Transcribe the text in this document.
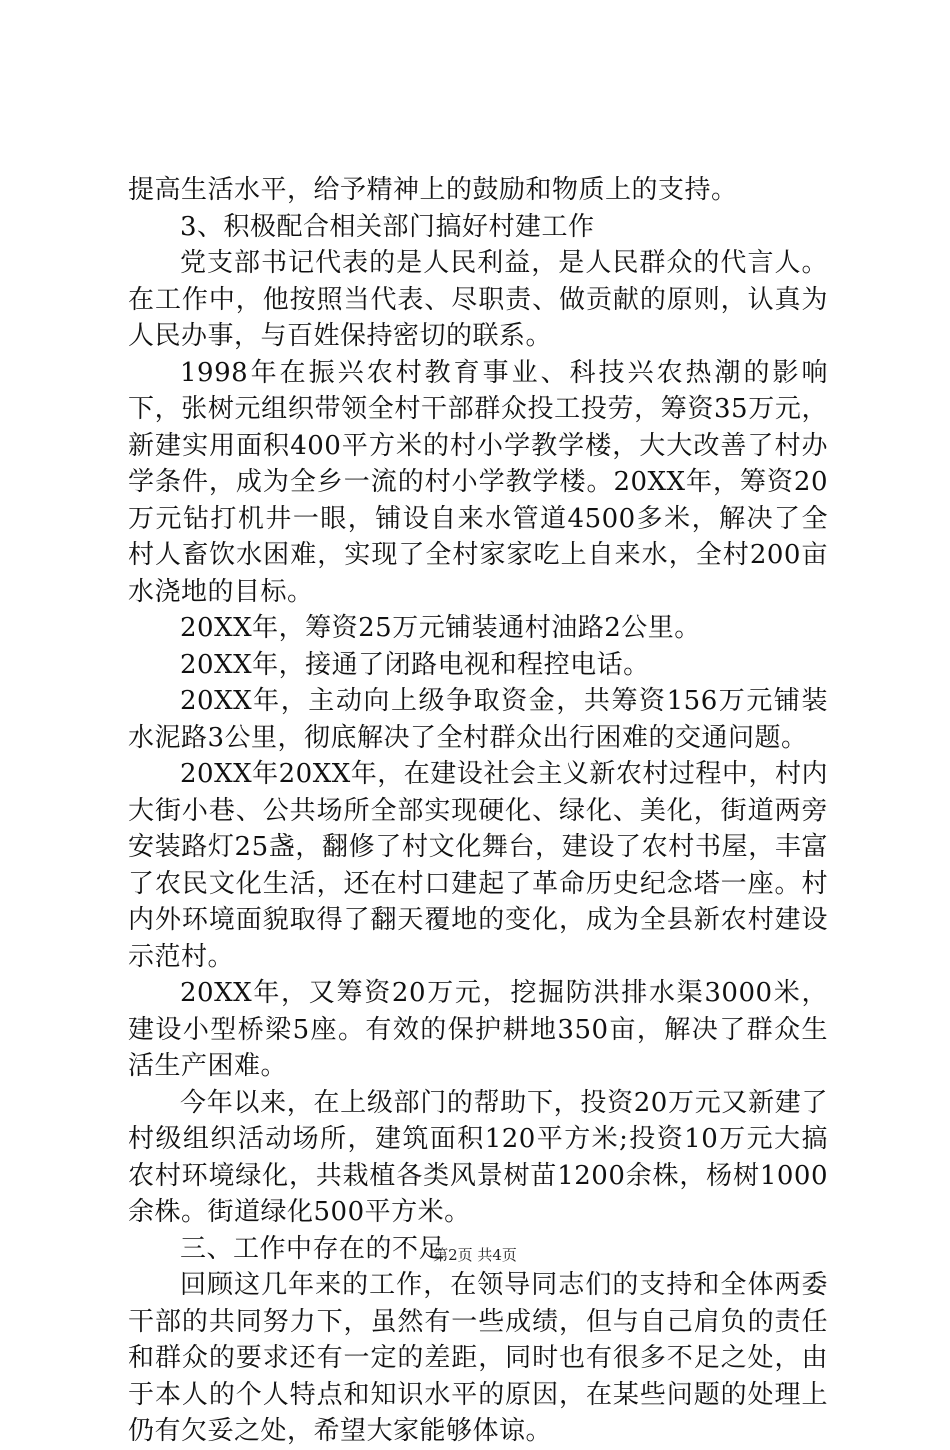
提高生活水平，给予精神上的鼓励和物质上的支持。

3、积极配合相关部门搞好村建工作

党支部书记代表的是人民利益，是人民群众的代言人。在工作中，他按照当代表、尽职责、做贡献的原则，认真为人民办事，与百姓保持密切的联系。

1998年在振兴农村教育事业、科技兴农热潮的影响下，张树元组织带领全村干部群众投工投劳，筹资35万元，新建实用面积400平方米的村小学教学楼，大大改善了村办学条件，成为全乡一流的村小学教学楼。20XX年，筹资20万元钻打机井一眼，铺设自来水管道4500多米，解决了全村人畜饮水困难，实现了全村家家吃上自来水，全村200亩水浇地的目标。

20XX年，筹资25万元铺装通村油路2公里。

20XX年，接通了闭路电视和程控电话。

20XX年，主动向上级争取资金，共筹资156万元铺装水泥路3公里，彻底解决了全村群众出行困难的交通问题。

20XX年20XX年，在建设社会主义新农村过程中，村内大街小巷、公共场所全部实现硬化、绿化、美化，街道两旁安装路灯25盏，翻修了村文化舞台，建设了农村书屋，丰富了农民文化生活，还在村口建起了革命历史纪念塔一座。村内外环境面貌取得了翻天覆地的变化，成为全县新农村建设示范村。

20XX年，又筹资20万元，挖掘防洪排水渠3000米，建设小型桥梁5座。有效的保护耕地350亩，解决了群众生活生产困难。

今年以来，在上级部门的帮助下，投资20万元又新建了村级组织活动场所，建筑面积120平方米;投资10万元大搞农村环境绿化，共栽植各类风景树苗1200余株，杨树1000余株。街道绿化500平方米。

三、工作中存在的不足

回顾这几年来的工作，在领导同志们的支持和全体两委干部的共同努力下，虽然有一些成绩，但与自己肩负的责任和群众的要求还有一定的差距，同时也有很多不足之处，由于本人的个人特点和知识水平的原因，在某些问题的处理上仍有欠妥之处，希望大家能够体谅。

第2页 共4页
